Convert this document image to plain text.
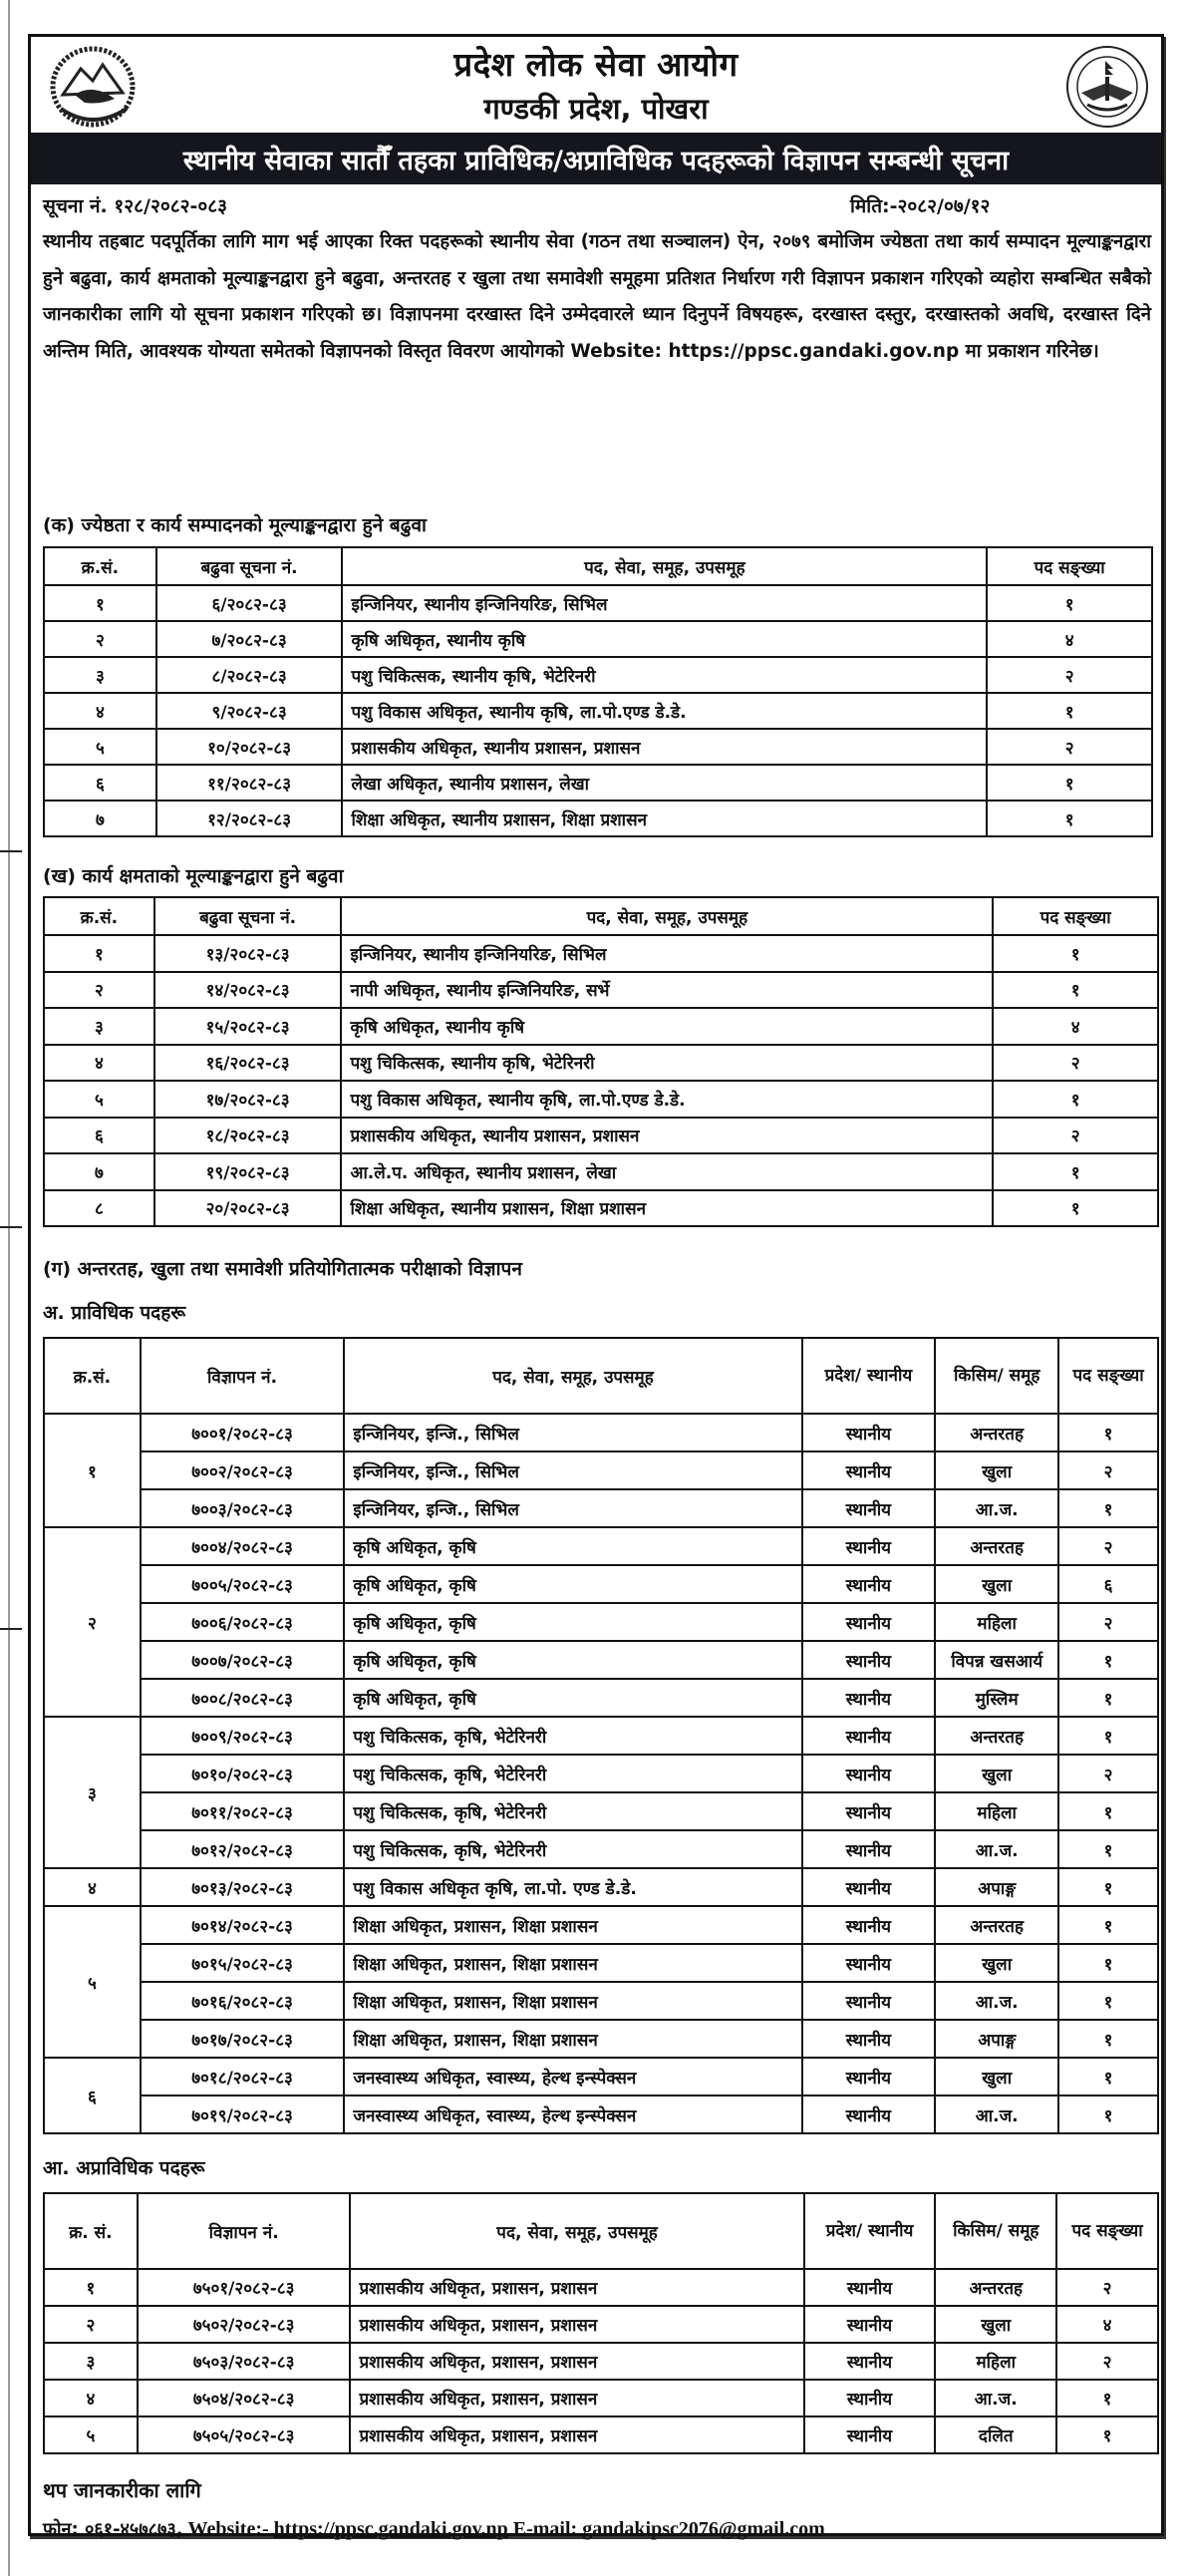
प्रदेश लोक सेवा आयोग
गण्डकी प्रदेश, पोखरा
स्थानीय सेवाका सातौँ तहका प्राविधिक/अप्राविधिक पदहरूको विज्ञापन सम्बन्धी सूचना
सूचना नं. १२८/२०८२-०८३	मिति:-२०८२/०७/१२
स्थानीय तहबाट पदपूर्तिका लागि माग भई आएका रिक्त पदहरूको स्थानीय सेवा (गठन तथा सञ्चालन) ऐन, २०७९ बमोजिम ज्येष्ठता तथा कार्य सम्पादन मूल्याङ्कनद्वारा हुने बढुवा, कार्य क्षमताको मूल्याङ्कनद्वारा हुने बढुवा, अन्तरतह र खुला तथा समावेशी समूहमा प्रतिशत निर्धारण गरी विज्ञापन प्रकाशन गरिएको व्यहोरा सम्बन्धित सबैको जानकारीका लागि यो सूचना प्रकाशन गरिएको छ। विज्ञापनमा दरखास्त दिने उम्मेदवारले ध्यान दिनुपर्ने विषयहरू, दरखास्त दस्तुर, दरखास्तको अवधि, दरखास्त दिने अन्तिम मिति, आवश्यक योग्यता समेतको विज्ञापनको विस्तृत विवरण आयोगको Website: https://ppsc.gandaki.gov.np मा प्रकाशन गरिनेछ।
(क) ज्येष्ठता र कार्य सम्पादनको मूल्याङ्कनद्वारा हुने बढुवा
क्र.सं.	बढुवा सूचना नं.	पद, सेवा, समूह, उपसमूह	पद सङ्ख्या
१	६/२०८२-८३	इन्जिनियर, स्थानीय इन्जिनियरिङ, सिभिल	१
२	७/२०८२-८३	कृषि अधिकृत, स्थानीय कृषि	४
३	८/२०८२-८३	पशु चिकित्सक, स्थानीय कृषि, भेटेरिनरी	२
४	९/२०८२-८३	पशु विकास अधिकृत, स्थानीय कृषि, ला.पो.एण्ड डे.डे.	१
५	१०/२०८२-८३	प्रशासकीय अधिकृत, स्थानीय प्रशासन, प्रशासन	२
६	११/२०८२-८३	लेखा अधिकृत, स्थानीय प्रशासन, लेखा	१
७	१२/२०८२-८३	शिक्षा अधिकृत, स्थानीय प्रशासन, शिक्षा प्रशासन	१
(ख) कार्य क्षमताको मूल्याङ्कनद्वारा हुने बढुवा
क्र.सं.	बढुवा सूचना नं.	पद, सेवा, समूह, उपसमूह	पद सङ्ख्या
१	१३/२०८२-८३	इन्जिनियर, स्थानीय इन्जिनियरिङ, सिभिल	१
२	१४/२०८२-८३	नापी अधिकृत, स्थानीय इन्जिनियरिङ, सर्भे	१
३	१५/२०८२-८३	कृषि अधिकृत, स्थानीय कृषि	४
४	१६/२०८२-८३	पशु चिकित्सक, स्थानीय कृषि, भेटेरिनरी	२
५	१७/२०८२-८३	पशु विकास अधिकृत, स्थानीय कृषि, ला.पो.एण्ड डे.डे.	१
६	१८/२०८२-८३	प्रशासकीय अधिकृत, स्थानीय प्रशासन, प्रशासन	२
७	१९/२०८२-८३	आ.ले.प. अधिकृत, स्थानीय प्रशासन, लेखा	१
८	२०/२०८२-८३	शिक्षा अधिकृत, स्थानीय प्रशासन, शिक्षा प्रशासन	१
(ग) अन्तरतह, खुला तथा समावेशी प्रतियोगितात्मक परीक्षाको विज्ञापन
अ. प्राविधिक पदहरू
क्र.सं.	विज्ञापन नं.	पद, सेवा, समूह, उपसमूह	प्रदेश/ स्थानीय	किसिम/ समूह	पद सङ्ख्या
१	७००१/२०८२-८३	इन्जिनियर, इन्जि., सिभिल	स्थानीय	अन्तरतह	१
	७००२/२०८२-८३	इन्जिनियर, इन्जि., सिभिल	स्थानीय	खुला	२
	७००३/२०८२-८३	इन्जिनियर, इन्जि., सिभिल	स्थानीय	आ.ज.	१
२	७००४/२०८२-८३	कृषि अधिकृत, कृषि	स्थानीय	अन्तरतह	२
	७००५/२०८२-८३	कृषि अधिकृत, कृषि	स्थानीय	खुला	६
	७००६/२०८२-८३	कृषि अधिकृत, कृषि	स्थानीय	महिला	२
	७००७/२०८२-८३	कृषि अधिकृत, कृषि	स्थानीय	विपन्न खसआर्य	१
	७००८/२०८२-८३	कृषि अधिकृत, कृषि	स्थानीय	मुस्लिम	१
३	७००९/२०८२-८३	पशु चिकित्सक, कृषि, भेटेरिनरी	स्थानीय	अन्तरतह	१
	७०१०/२०८२-८३	पशु चिकित्सक, कृषि, भेटेरिनरी	स्थानीय	खुला	२
	७०११/२०८२-८३	पशु चिकित्सक, कृषि, भेटेरिनरी	स्थानीय	महिला	१
	७०१२/२०८२-८३	पशु चिकित्सक, कृषि, भेटेरिनरी	स्थानीय	आ.ज.	१
४	७०१३/२०८२-८३	पशु विकास अधिकृत कृषि, ला.पो. एण्ड डे.डे.	स्थानीय	अपाङ्ग	१
५	७०१४/२०८२-८३	शिक्षा अधिकृत, प्रशासन, शिक्षा प्रशासन	स्थानीय	अन्तरतह	१
	७०१५/२०८२-८३	शिक्षा अधिकृत, प्रशासन, शिक्षा प्रशासन	स्थानीय	खुला	१
	७०१६/२०८२-८३	शिक्षा अधिकृत, प्रशासन, शिक्षा प्रशासन	स्थानीय	आ.ज.	१
	७०१७/२०८२-८३	शिक्षा अधिकृत, प्रशासन, शिक्षा प्रशासन	स्थानीय	अपाङ्ग	१
६	७०१८/२०८२-८३	जनस्वास्थ्य अधिकृत, स्वास्थ्य, हेल्थ इन्स्पेक्सन	स्थानीय	खुला	१
	७०१९/२०८२-८३	जनस्वास्थ्य अधिकृत, स्वास्थ्य, हेल्थ इन्स्पेक्सन	स्थानीय	आ.ज.	१
आ. अप्राविधिक पदहरू
क्र. सं.	विज्ञापन नं.	पद, सेवा, समूह, उपसमूह	प्रदेश/ स्थानीय	किसिम/ समूह	पद सङ्ख्या
१	७५०१/२०८२-८३	प्रशासकीय अधिकृत, प्रशासन, प्रशासन	स्थानीय	अन्तरतह	२
२	७५०२/२०८२-८३	प्रशासकीय अधिकृत, प्रशासन, प्रशासन	स्थानीय	खुला	४
३	७५०३/२०८२-८३	प्रशासकीय अधिकृत, प्रशासन, प्रशासन	स्थानीय	महिला	२
४	७५०४/२०८२-८३	प्रशासकीय अधिकृत, प्रशासन, प्रशासन	स्थानीय	आ.ज.	१
५	७५०५/२०८२-८३	प्रशासकीय अधिकृत, प्रशासन, प्रशासन	स्थानीय	दलित	१
थप जानकारीका लागि
फोन: ०६१-४५७८७३, Website:- https://ppsc.gandaki.gov.np E-mail: gandakipsc2076@gmail.com
